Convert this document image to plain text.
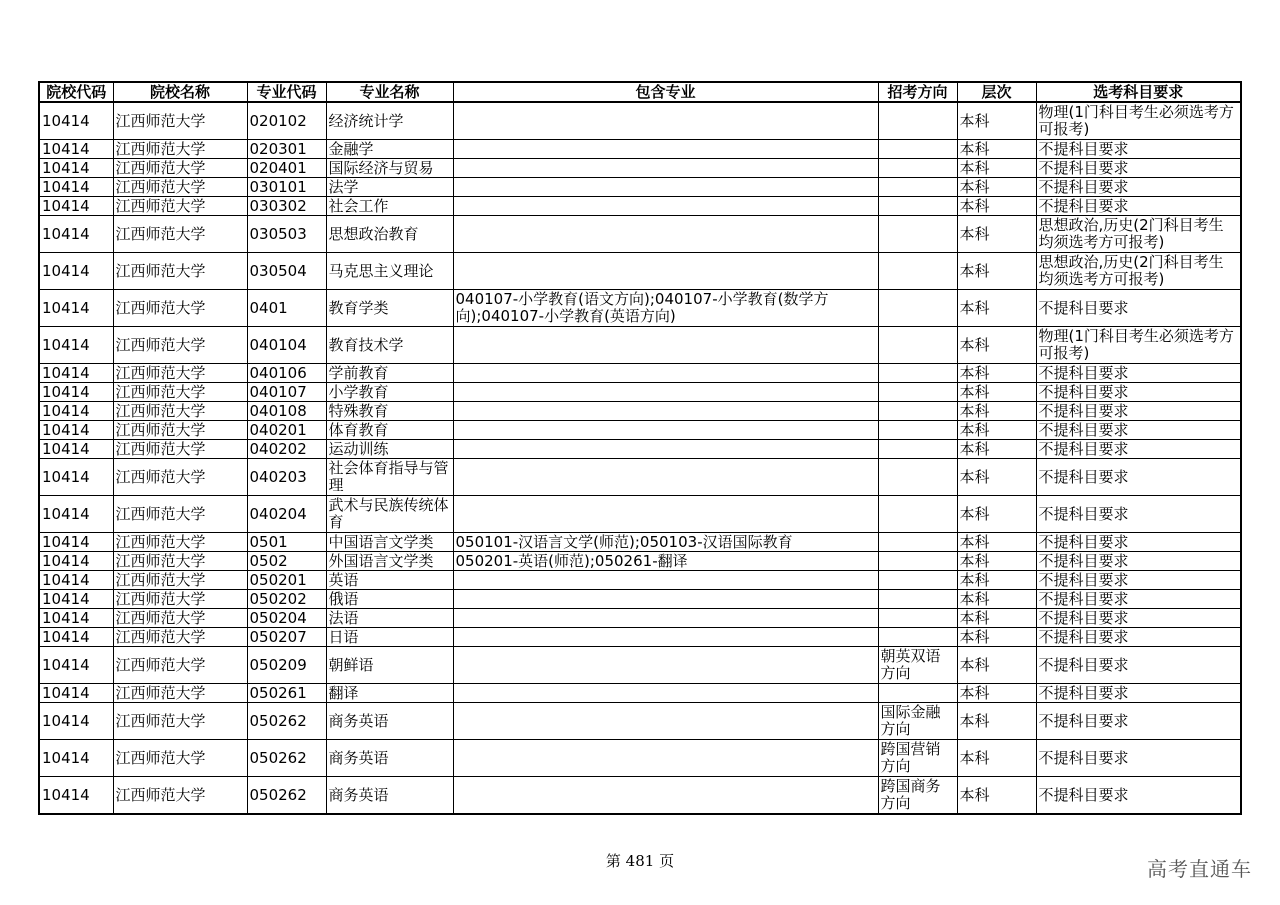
院校代码	院校名称	专业代码	专业名称	包含专业	招考方向	层次	选考科目要求
10414	江西师范大学	020102	经济统计学			本科	物理(1门科目考生必须选考方可报考)
10414	江西师范大学	020301	金融学			本科	不提科目要求
10414	江西师范大学	020401	国际经济与贸易			本科	不提科目要求
10414	江西师范大学	030101	法学			本科	不提科目要求
10414	江西师范大学	030302	社会工作			本科	不提科目要求
10414	江西师范大学	030503	思想政治教育			本科	思想政治,历史(2门科目考生均须选考方可报考)
10414	江西师范大学	030504	马克思主义理论			本科	思想政治,历史(2门科目考生均须选考方可报考)
10414	江西师范大学	0401	教育学类	040107-小学教育(语文方向);040107-小学教育(数学方向);040107-小学教育(英语方向)		本科	不提科目要求
10414	江西师范大学	040104	教育技术学			本科	物理(1门科目考生必须选考方可报考)
10414	江西师范大学	040106	学前教育			本科	不提科目要求
10414	江西师范大学	040107	小学教育			本科	不提科目要求
10414	江西师范大学	040108	特殊教育			本科	不提科目要求
10414	江西师范大学	040201	体育教育			本科	不提科目要求
10414	江西师范大学	040202	运动训练			本科	不提科目要求
10414	江西师范大学	040203	社会体育指导与管理			本科	不提科目要求
10414	江西师范大学	040204	武术与民族传统体育			本科	不提科目要求
10414	江西师范大学	0501	中国语言文学类	050101-汉语言文学(师范);050103-汉语国际教育		本科	不提科目要求
10414	江西师范大学	0502	外国语言文学类	050201-英语(师范);050261-翻译		本科	不提科目要求
10414	江西师范大学	050201	英语			本科	不提科目要求
10414	江西师范大学	050202	俄语			本科	不提科目要求
10414	江西师范大学	050204	法语			本科	不提科目要求
10414	江西师范大学	050207	日语			本科	不提科目要求
10414	江西师范大学	050209	朝鲜语		朝英双语方向	本科	不提科目要求
10414	江西师范大学	050261	翻译			本科	不提科目要求
10414	江西师范大学	050262	商务英语		国际金融方向	本科	不提科目要求
10414	江西师范大学	050262	商务英语		跨国营销方向	本科	不提科目要求
10414	江西师范大学	050262	商务英语		跨国商务方向	本科	不提科目要求
第 481 页	高考直通车
